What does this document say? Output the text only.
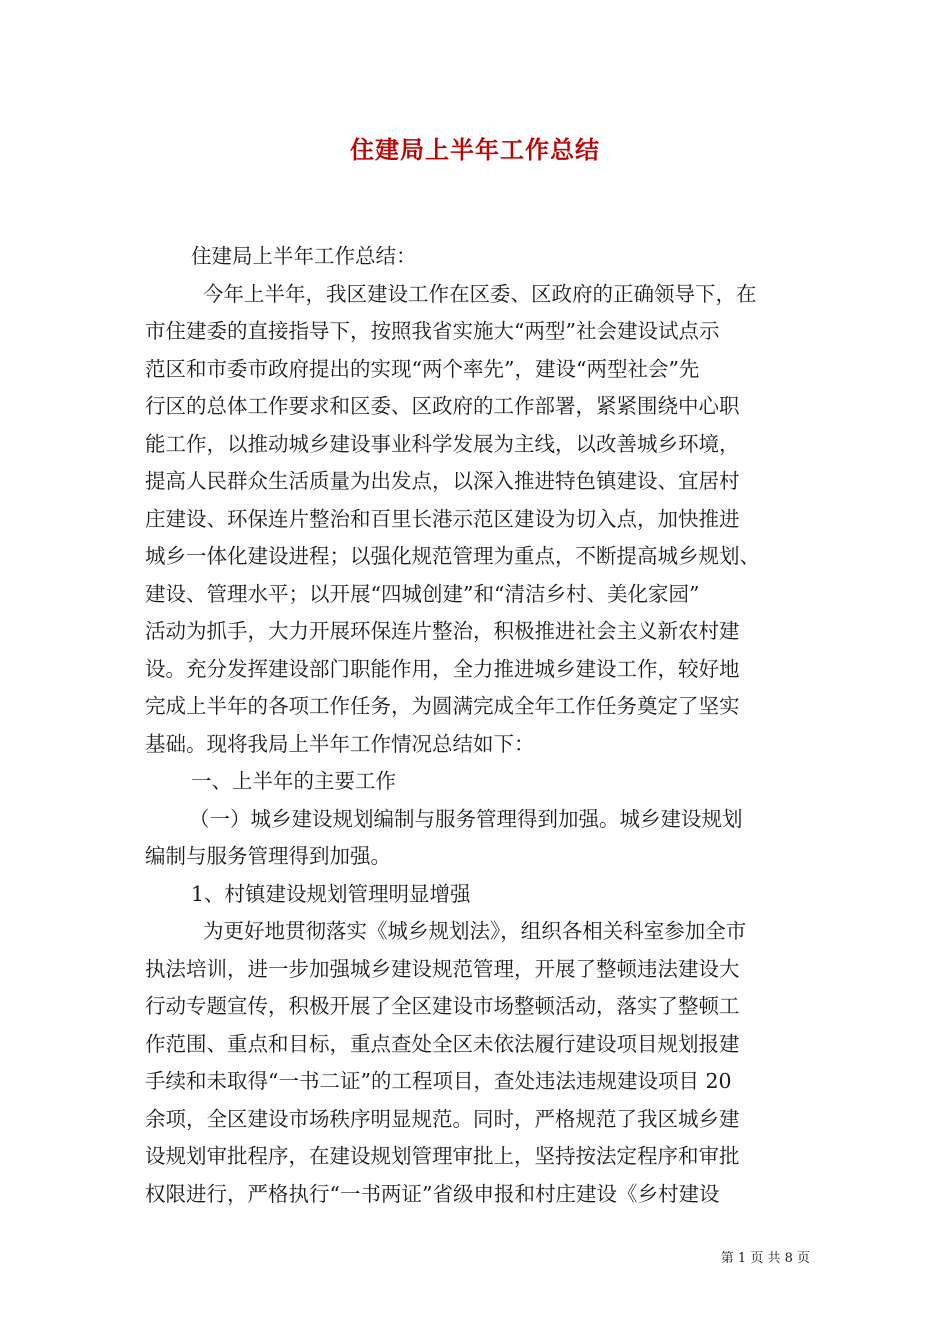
住建局上半年工作总结
住建局上半年工作总结：
今年上半年，我区建设工作在区委、区政府的正确领导下，在
市住建委的直接指导下，按照我省实施大“两型”社会建设试点示
范区和市委市政府提出的实现“两个率先”，建设“两型社会”先
行区的总体工作要求和区委、区政府的工作部署，紧紧围绕中心职
能工作，以推动城乡建设事业科学发展为主线，以改善城乡环境，
提高人民群众生活质量为出发点，以深入推进特色镇建设、宜居村
庄建设、环保连片整治和百里长港示范区建设为切入点，加快推进
城乡一体化建设进程；以强化规范管理为重点，不断提高城乡规划、
建设、管理水平；以开展“四城创建”和“清洁乡村、美化家园”
活动为抓手，大力开展环保连片整治，积极推进社会主义新农村建
设。充分发挥建设部门职能作用，全力推进城乡建设工作，较好地
完成上半年的各项工作任务，为圆满完成全年工作任务奠定了坚实
基础。现将我局上半年工作情况总结如下：
一、上半年的主要工作
（一）城乡建设规划编制与服务管理得到加强。城乡建设规划
编制与服务管理得到加强。
1、村镇建设规划管理明显增强
为更好地贯彻落实《城乡规划法》，组织各相关科室参加全市
执法培训，进一步加强城乡建设规范管理，开展了整顿违法建设大
行动专题宣传，积极开展了全区建设市场整顿活动，落实了整顿工
作范围、重点和目标，重点查处全区未依法履行建设项目规划报建
手续和未取得“一书二证”的工程项目，查处违法违规建设项目 20
余项，全区建设市场秩序明显规范。同时，严格规范了我区城乡建
设规划审批程序，在建设规划管理审批上，坚持按法定程序和审批
权限进行，严格执行“一书两证”省级申报和村庄建设《乡村建设
第 1 页 共 8 页
